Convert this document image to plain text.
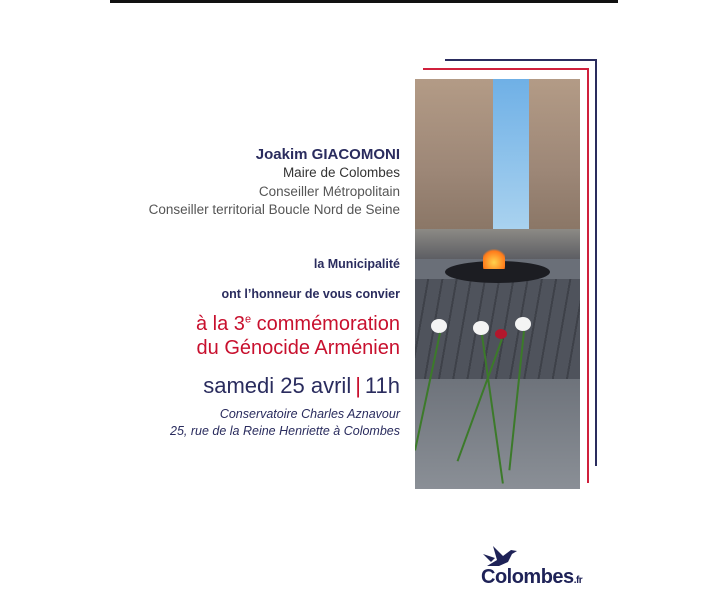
Joakim GIACOMONI
Maire de Colombes
Conseiller Métropolitain
Conseiller territorial Boucle Nord de Seine
la Municipalité
ont l’honneur de vous convier
à la 3e commémoration
du Génocide Arménien
samedi 25 avril | 11h
Conservatoire Charles Aznavour
25, rue de la Reine Henriette à Colombes
Colombes.fr
